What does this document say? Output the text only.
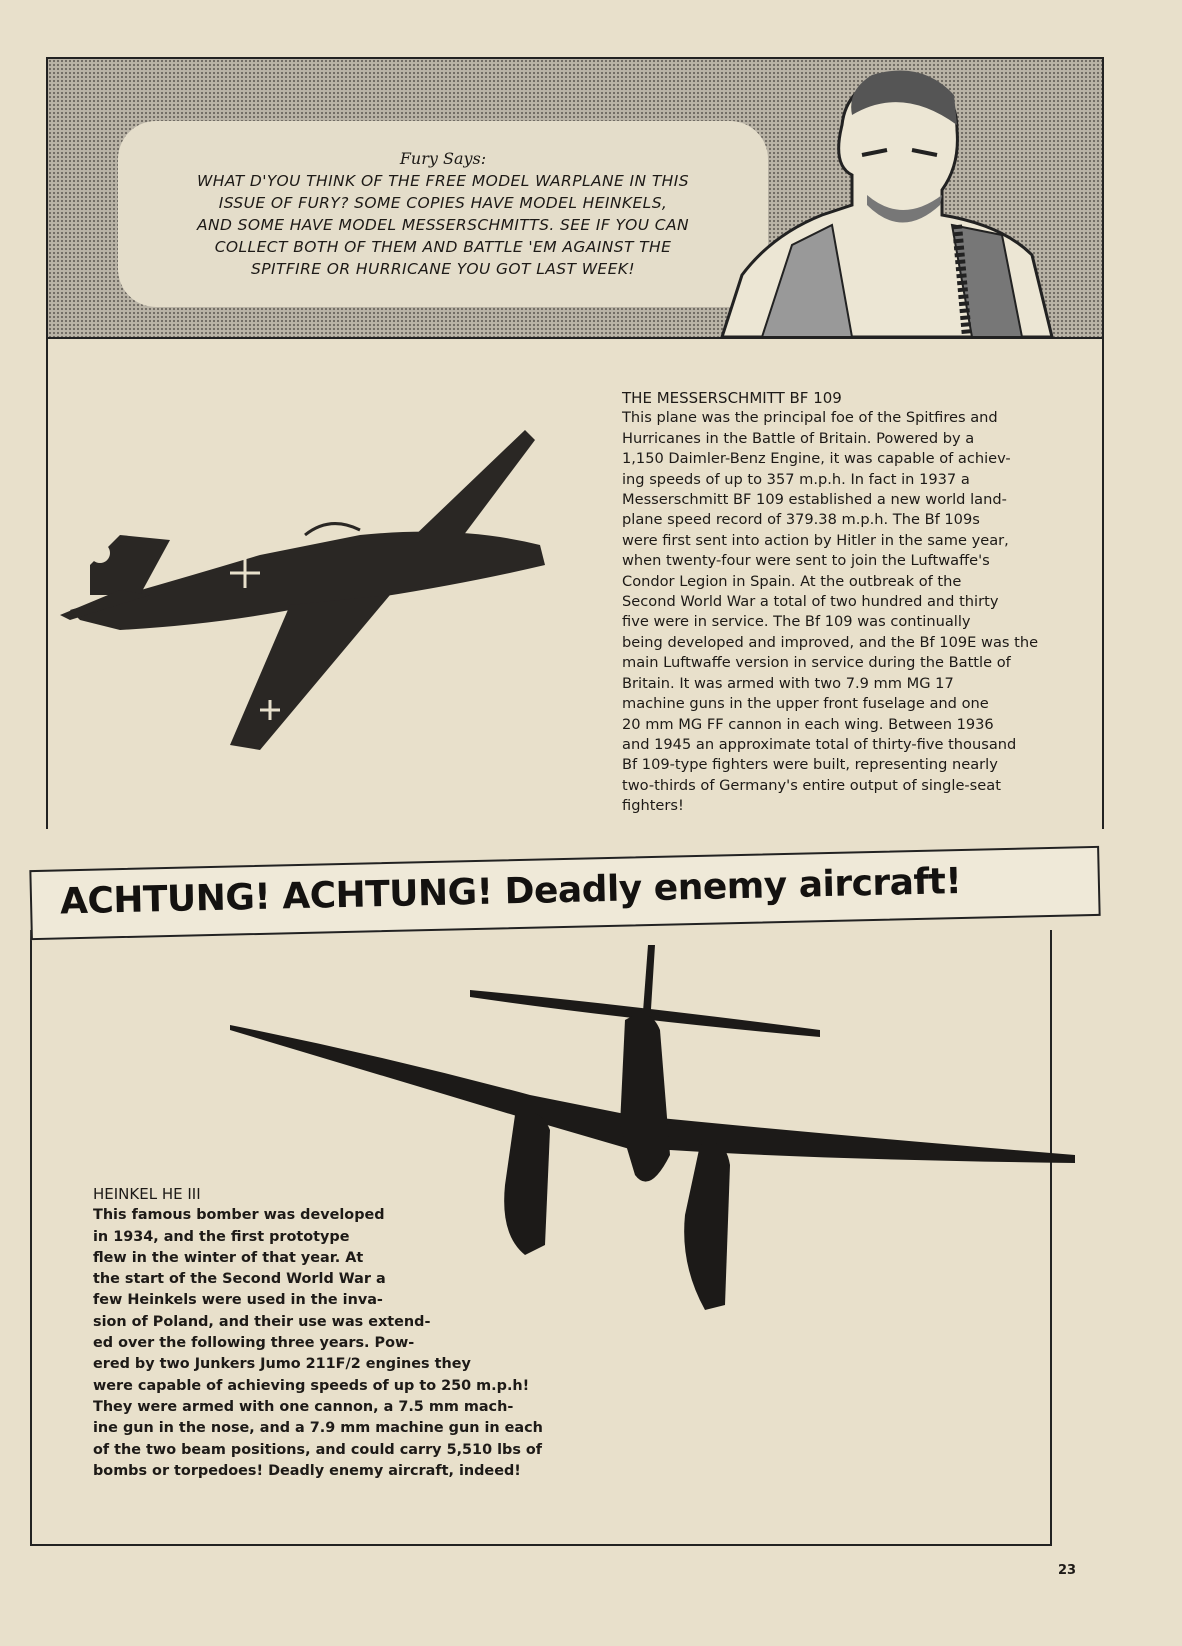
Fury Says:
WHAT D'YOU THINK OF THE FREE MODEL WARPLANE IN THIS
ISSUE OF FURY? SOME COPIES HAVE MODEL HEINKELS,
AND SOME HAVE MODEL MESSERSCHMITTS. SEE IF YOU CAN
COLLECT BOTH OF THEM AND BATTLE 'EM AGAINST THE
SPITFIRE OR HURRICANE YOU GOT LAST WEEK!
THE MESSERSCHMITT BF 109
This plane was the principal foe of the Spitfires and
Hurricanes in the Battle of Britain. Powered by a
1,150 Daimler-Benz Engine, it was capable of achiev-
ing speeds of up to 357 m.p.h. In fact in 1937 a
Messerschmitt BF 109 established a new world land-
plane speed record of 379.38 m.p.h. The Bf 109s
were first sent into action by Hitler in the same year,
when twenty-four were sent to join the Luftwaffe's
Condor Legion in Spain. At the outbreak of the
Second World War a total of two hundred and thirty
five were in service. The Bf 109 was continually
being developed and improved, and the Bf 109E was the
main Luftwaffe version in service during the Battle of
Britain. It was armed with two 7.9 mm MG 17
machine guns in the upper front fuselage and one
20 mm MG FF cannon in each wing. Between 1936
and 1945 an approximate total of thirty-five thousand
Bf 109-type fighters were built, representing nearly
two-thirds of Germany's entire output of single-seat
fighters!
ACHTUNG! ACHTUNG! Deadly enemy aircraft!
HEINKEL HE III
This famous bomber was developed
in 1934, and the first prototype
flew in the winter of that year. At
the start of the Second World War a
few Heinkels were used in the inva-
sion of Poland, and their use was extend-
ed over the following three years. Pow-
ered by two Junkers Jumo 211F/2 engines they
were capable of achieving speeds of up to 250 m.p.h!
They were armed with one cannon, a 7.5 mm mach-
ine gun in the nose, and a 7.9 mm machine gun in each
of the two beam positions, and could carry 5,510 lbs of
bombs or torpedoes! Deadly enemy aircraft, indeed!
23
